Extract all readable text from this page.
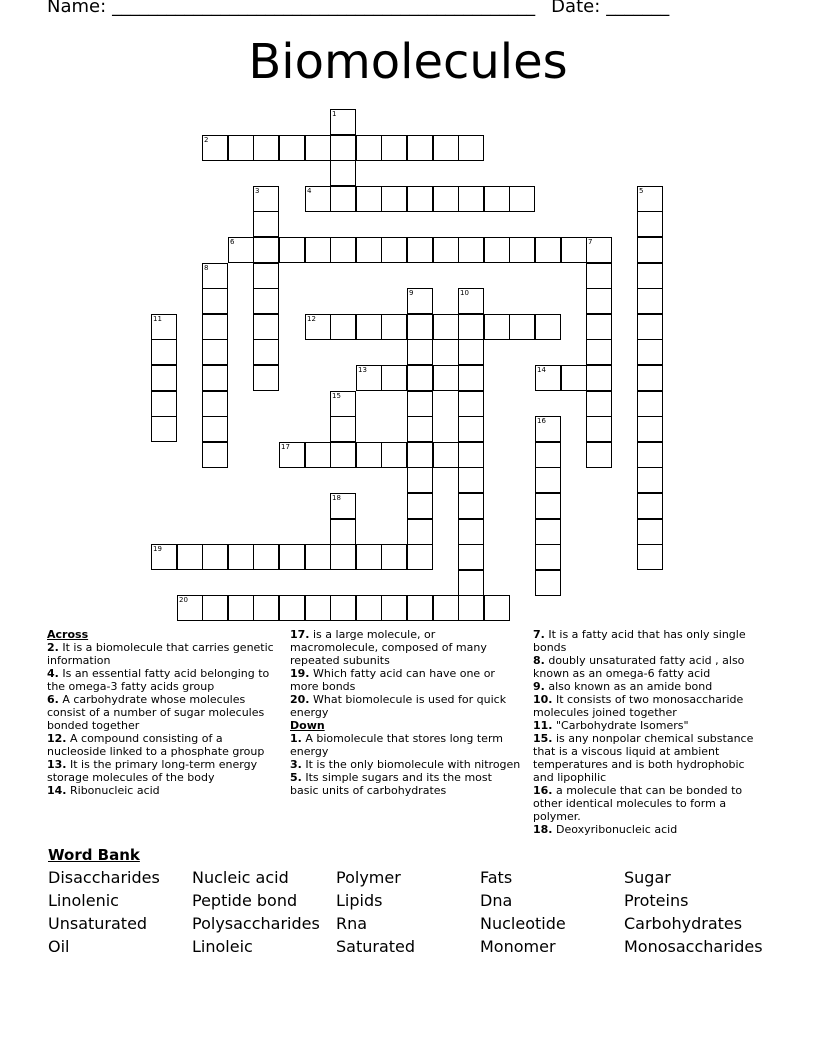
Name: _______________________________________________ Date: _______
Biomolecules
1
2
3	4	5
6	7
8
9	10
11	12
13	14
15
16
17
18
19
20
Across
2. It is a biomolecule that carries genetic information
4. Is an essential fatty acid belonging to the omega-3 fatty acids group
6. A carbohydrate whose molecules consist of a number of sugar molecules bonded together
12. A compound consisting of a nucleoside linked to a phosphate group
13. It is the primary long-term energy storage molecules of the body
14. Ribonucleic acid
17. is a large molecule, or macromolecule, composed of many repeated subunits
19. Which fatty acid can have one or more bonds
20. What biomolecule is used for quick energy
Down
1. A biomolecule that stores long term energy
3. It is the only biomolecule with nitrogen
5. Its simple sugars and its the most basic units of carbohydrates
7. It is a fatty acid that has only single bonds
8. doubly unsaturated fatty acid , also known as an omega-6 fatty acid
9. also known as an amide bond
10. It consists of two monosaccharide molecules joined together
11. "Carbohydrate Isomers"
15. is any nonpolar chemical substance that is a viscous liquid at ambient temperatures and is both hydrophobic and lipophilic
16. a molecule that can be bonded to other identical molecules to form a polymer.
18. Deoxyribonucleic acid
Word Bank
Disaccharides	Nucleic acid	Polymer	Fats	Sugar
Linolenic	Peptide bond	Lipids	Dna	Proteins
Unsaturated	Polysaccharides	Rna	Nucleotide	Carbohydrates
Oil	Linoleic	Saturated	Monomer	Monosaccharides
